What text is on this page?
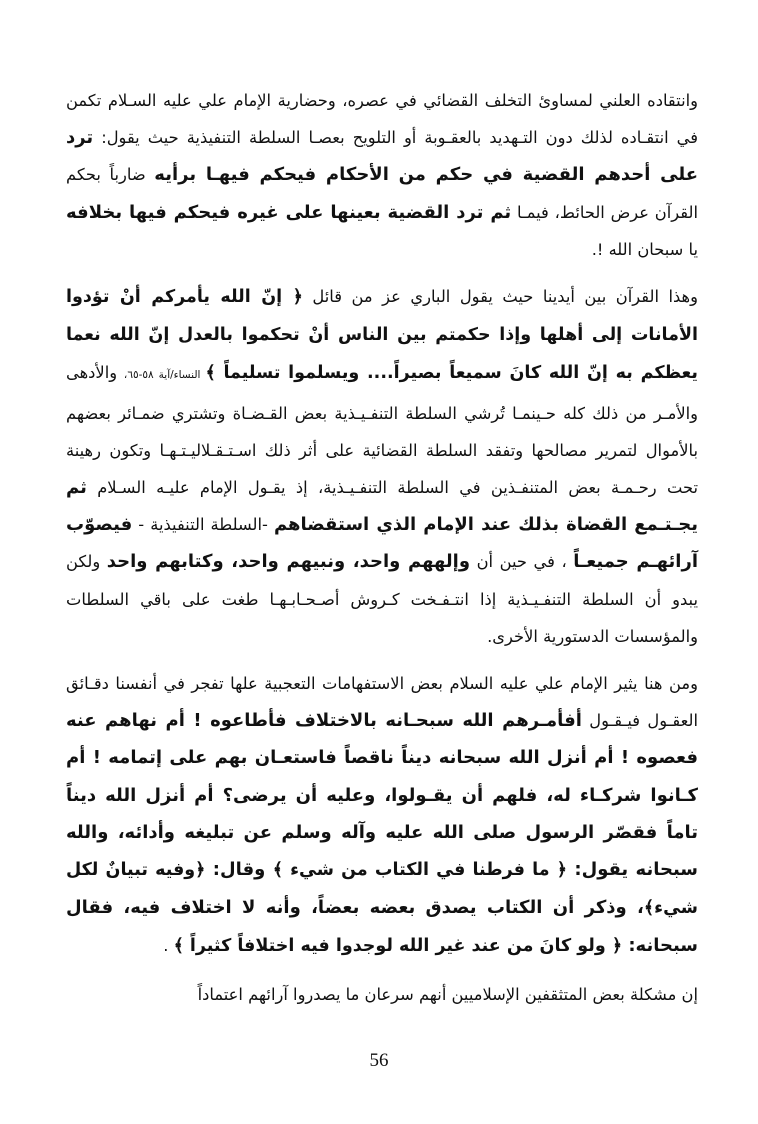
وانتقاده العلني لمساوئ التخلف القضائي في عصره، وحضارية الإمام علي عليه السـلام تكمن في انتقـاده لذلك دون التـهديد بالعقـوبة أو التلويح بعصـا السلطة التنفيذية حيث يقول: ترد على أحدهم القضية في حكم من الأحكام فيحكم فيهـا برأيه ضارباً بحكم القرآن عرض الحائط، فيمـا ثم ترد القضية بعينها على غيره فيحكم فيها بخلافه يا سبحان الله !.

وهذا القرآن بين أيدينا حيث يقول الباري عز من قائل ﴿ إنّ الله يأمركم أنْ تؤدوا الأمانات إلى أهلها وإذا حكمتم بين الناس أنْ تحكموا بالعدل إنّ الله نعما يعظكم به إنّ الله كانَ سميعاً بصيراً.... ويسلموا تسليماً ﴾ النساء/آية ٥٨-٦٥، والأدهى والأمـر من ذلك كله حـينمـا تُرشي السلطة التنفـيـذية بعض القـضـاة وتشتري ضمـائر بعضهم بالأموال لتمرير مصالحها وتفقد السلطة القضائية على أثر ذلك اسـتـقـلاليـتـهـا وتكون رهينة تحت رحـمـة بعض المتنفـذين في السلطة التنفـيـذية، إذ يقـول الإمام عليـه السـلام ثم يجـتـمع القضاة بذلك عند الإمام الذي استقضاهم -السلطة التنفيذية - فيصوّب آرائهـم جميعـاً ، في حين أن وإلههم واحد، ونبيهم واحد، وكتابهم واحد ولكن يبدو أن السلطة التنفـيـذية إذا انتـفـخت كـروش أصـحـابـهـا طغت على باقي السلطات والمؤسسات الدستورية الأخرى.

ومن هنا يثير الإمام علي عليه السلام بعض الاستفهامات التعجبية علها تفجر في أنفسنا دقـائق العقـول فيـقـول أفأمـرهم الله سبحـانه بالاختلاف فأطاعوه ! أم نهاهم عنه فعصوه ! أم أنزل الله سبحانه ديناً ناقصاً فاستعـان بهم على إتمامه ! أم كـانوا شركـاء له، فلهم أن يقـولوا، وعليه أن يرضى؟ أم أنزل الله ديناً تاماً فقصّر الرسول صلى الله عليه وآله وسلم عن تبليغه وأدائه، والله سبحانه يقول: ﴿ ما فرطنا في الكتاب من شيء ﴾ وقال: ﴿وفيه تبيانٌ لكل شيء﴾، وذكر أن الكتاب يصدق بعضه بعضاً، وأنه لا اختلاف فيه، فقال سبحانه: ﴿ ولو كانَ من عند غير الله لوجدوا فيه اختلافاً كثيراً ﴾ .

إن مشكلة بعض المتثقفين الإسلاميين أنهم سرعان ما يصدروا آرائهم اعتماداً

56
